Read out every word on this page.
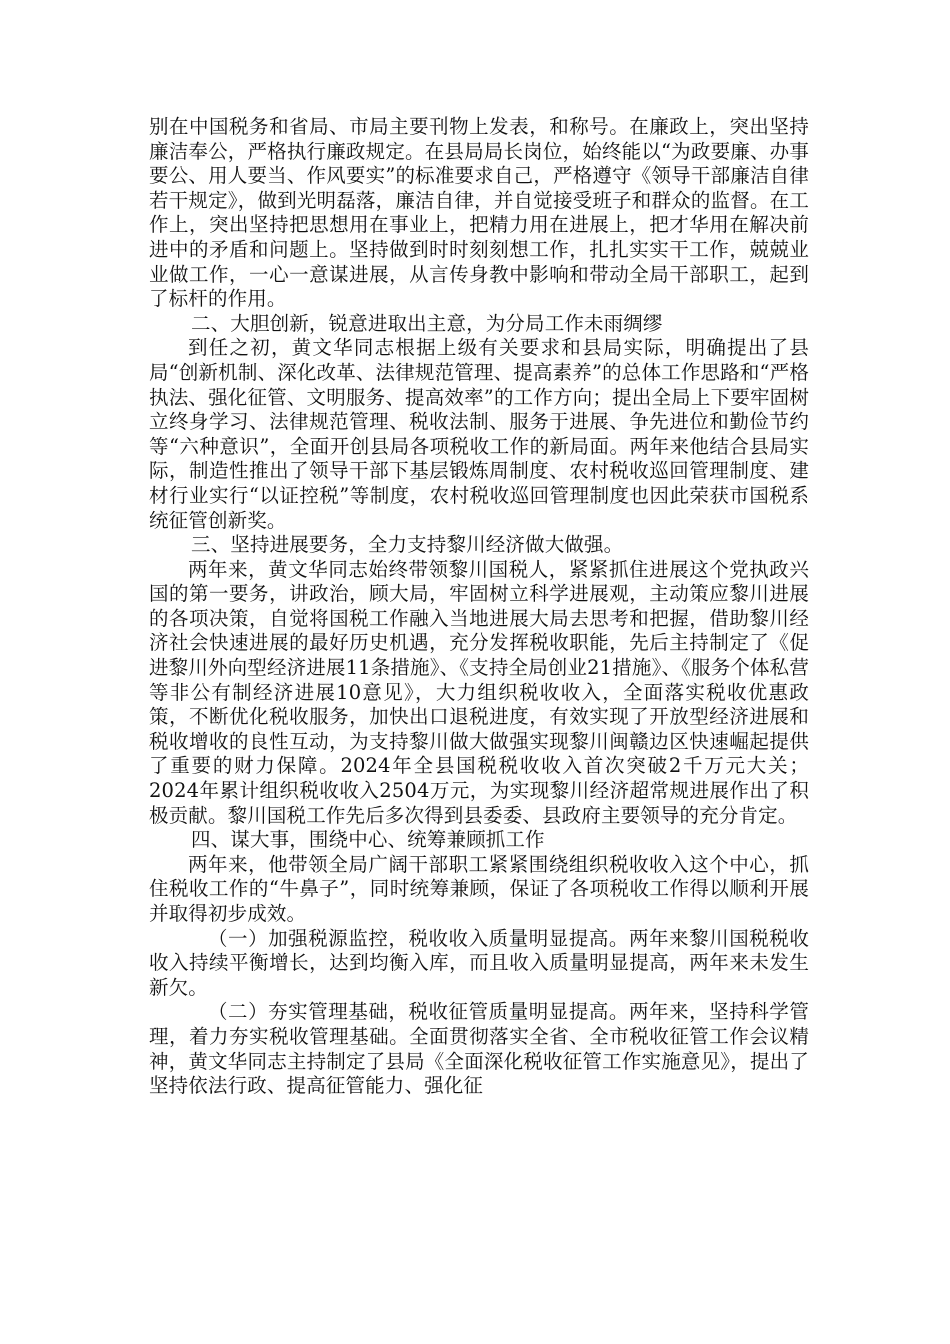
别在中国税务和省局、市局主要刊物上发表，和称号。在廉政上，突出坚持廉洁奉公，严格执行廉政规定。在县局局长岗位，始终能以“为政要廉、办事要公、用人要当、作风要实”的标准要求自己，严格遵守《领导干部廉洁自律若干规定》，做到光明磊落，廉洁自律，并自觉接受班子和群众的监督。在工作上，突出坚持把思想用在事业上，把精力用在进展上，把才华用在解决前进中的矛盾和问题上。坚持做到时时刻刻想工作，扎扎实实干工作，兢兢业业做工作，一心一意谋进展，从言传身教中影响和带动全局干部职工，起到了标杆的作用。

二、大胆创新，锐意进取出主意，为分局工作未雨绸缪

到任之初，黄文华同志根据上级有关要求和县局实际，明确提出了县局“创新机制、深化改革、法律规范管理、提高素养”的总体工作思路和“严格执法、强化征管、文明服务、提高效率”的工作方向；提出全局上下要牢固树立终身学习、法律规范管理、税收法制、服务于进展、争先进位和勤俭节约等“六种意识”，全面开创县局各项税收工作的新局面。两年来他结合县局实际，制造性推出了领导干部下基层锻炼周制度、农村税收巡回管理制度、建材行业实行“以证控税”等制度，农村税收巡回管理制度也因此荣获市国税系统征管创新奖。

三、坚持进展要务，全力支持黎川经济做大做强。

两年来，黄文华同志始终带领黎川国税人，紧紧抓住进展这个党执政兴国的第一要务，讲政治，顾大局，牢固树立科学进展观，主动策应黎川进展的各项决策，自觉将国税工作融入当地进展大局去思考和把握，借助黎川经济社会快速进展的最好历史机遇，充分发挥税收职能，先后主持制定了《促进黎川外向型经济进展11条措施》、《支持全局创业21措施》、《服务个体私营等非公有制经济进展10意见》，大力组织税收收入，全面落实税收优惠政策，不断优化税收服务，加快出口退税进度，有效实现了开放型经济进展和税收增收的良性互动，为支持黎川做大做强实现黎川闽赣边区快速崛起提供了重要的财力保障。2024年全县国税税收收入首次突破2千万元大关；2024年累计组织税收收入2504万元，为实现黎川经济超常规进展作出了积极贡献。黎川国税工作先后多次得到县委委、县政府主要领导的充分肯定。

四、谋大事，围绕中心、统筹兼顾抓工作

两年来，他带领全局广阔干部职工紧紧围绕组织税收收入这个中心，抓住税收工作的“牛鼻子”，同时统筹兼顾，保证了各项税收工作得以顺利开展并取得初步成效。

（一）加强税源监控，税收收入质量明显提高。两年来黎川国税税收收入持续平衡增长，达到均衡入库，而且收入质量明显提高，两年来未发生新欠。

（二）夯实管理基础，税收征管质量明显提高。两年来，坚持科学管理，着力夯实税收管理基础。全面贯彻落实全省、全市税收征管工作会议精神，黄文华同志主持制定了县局《全面深化税收征管工作实施意见》，提出了坚持依法行政、提高征管能力、强化征
